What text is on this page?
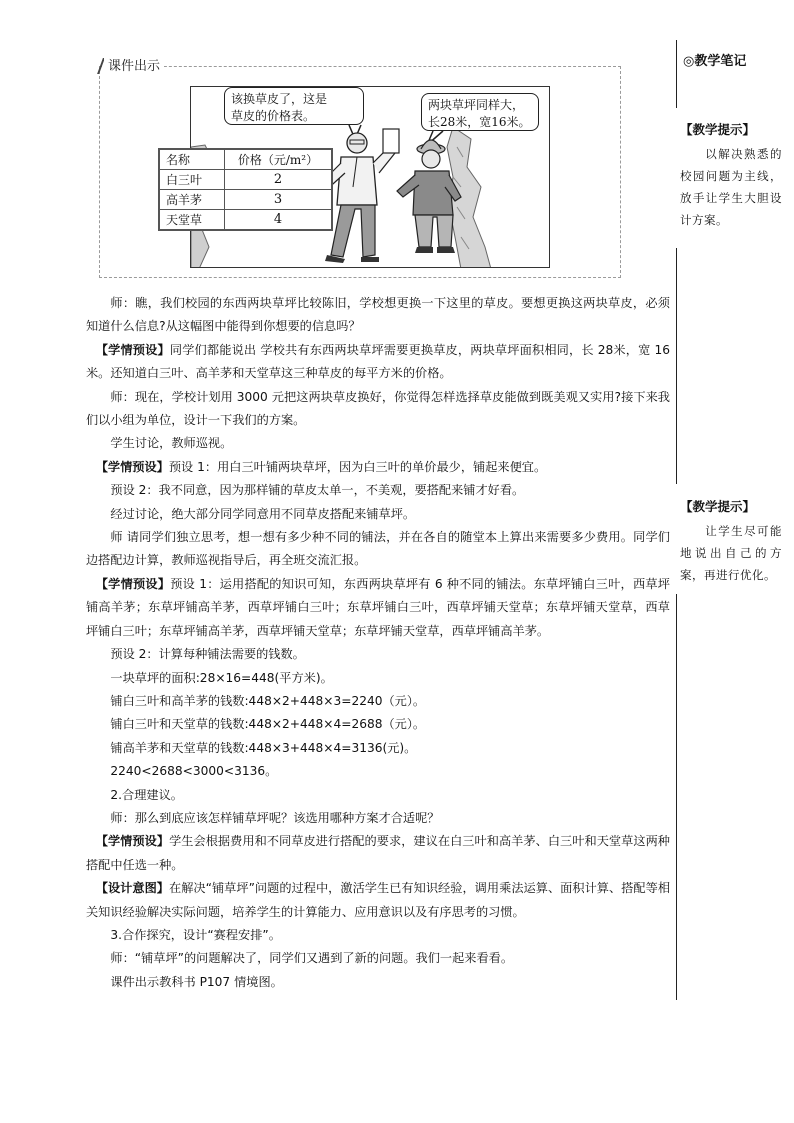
课件出示
该换草皮了，这是
草皮的价格表。
两块草坪同样大，
长28米，宽16米。
名称	价格（元/m²）
白三叶	2
高羊茅	3
天堂草	4

师：瞧，我们校园的东西两块草坪比较陈旧，学校想更换一下这里的草皮。要想更换这两块草皮，必须知道什么信息?从这幅图中能得到你想要的信息吗？

【学情预设】同学们都能说出 学校共有东西两块草坪需要更换草皮，两块草坪面积相同，长 28米，宽 16 米。还知道白三叶、高羊茅和天堂草这三种草皮的每平方米的价格。

师：现在，学校计划用 3000 元把这两块草皮换好，你觉得怎样选择草皮能做到既美观又实用?接下来我们以小组为单位，设计一下我们的方案。

学生讨论，教师巡视。

【学情预设】预设 1：用白三叶铺两块草坪，因为白三叶的单价最少，铺起来便宜。

预设 2：我不同意，因为那样铺的草皮太单一，不美观，要搭配来铺才好看。

经过讨论，绝大部分同学同意用不同草皮搭配来铺草坪。

师 请同学们独立思考，想一想有多少种不同的铺法，并在各自的随堂本上算出来需要多少费用。同学们边搭配边计算，教师巡视指导后，再全班交流汇报。

【学情预设】预设 1：运用搭配的知识可知，东西两块草坪有 6 种不同的铺法。东草坪铺白三叶，西草坪铺高羊茅；东草坪铺高羊茅，西草坪铺白三叶；东草坪铺白三叶，西草坪铺天堂草；东草坪铺天堂草，西草坪铺白三叶；东草坪铺高羊茅，西草坪铺天堂草；东草坪铺天堂草，西草坪铺高羊茅。

预设 2：计算每种铺法需要的钱数。

一块草坪的面积:28×16=448(平方米)。

铺白三叶和高羊茅的钱数:448×2+448×3=2240（元）。

铺白三叶和天堂草的钱数:448×2+448×4=2688（元）。

铺高羊茅和天堂草的钱数:448×3+448×4=3136(元)。

2240<2688<3000<3136。

2.合理建议。

师：那么到底应该怎样铺草坪呢？该选用哪种方案才合适呢？

【学情预设】学生会根据费用和不同草皮进行搭配的要求，建议在白三叶和高羊茅、白三叶和天堂草这两种搭配中任选一种。

【设计意图】在解决“铺草坪”问题的过程中，激活学生已有知识经验，调用乘法运算、面积计算、搭配等相关知识经验解决实际问题，培养学生的计算能力、应用意识以及有序思考的习惯。

3.合作探究，设计“赛程安排”。

师：“铺草坪”的问题解决了，同学们又遇到了新的问题。我们一起来看看。

课件出示教科书 P107 情境图。

◎教学笔记
【教学提示】
以解决熟悉的校园问题为主线，放手让学生大胆设计方案。
【教学提示】
让学生尽可能地说出自己的方案，再进行优化。
